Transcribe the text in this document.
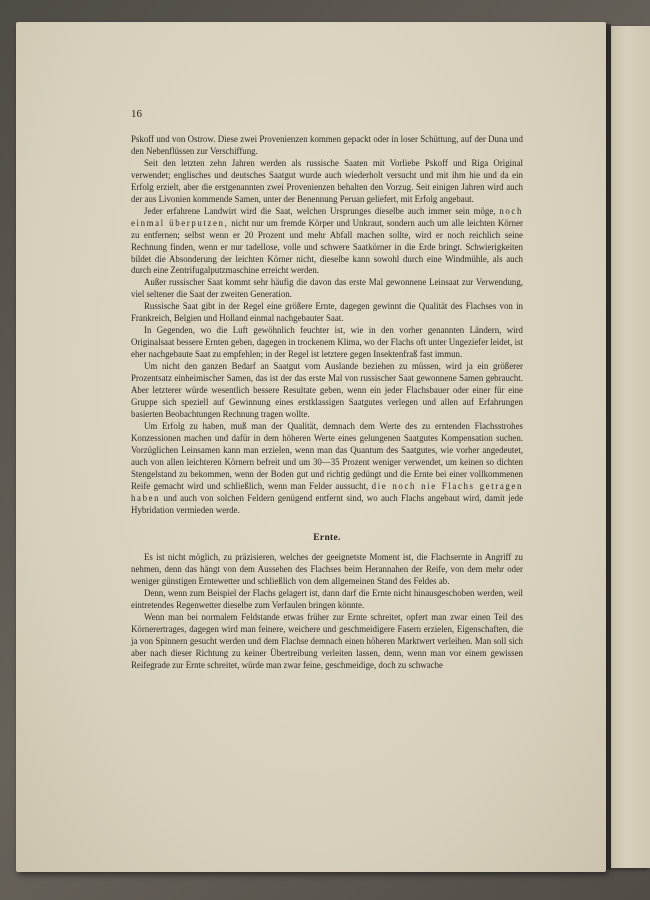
16

Pskoff und von Ostrow. Diese zwei Provenienzen kommen gepackt oder in loser Schüttung, auf der Duna und den Nebenflüssen zur Verschiffung.

Seit den letzten zehn Jahren werden als russische Saaten mit Vorliebe Pskoff und Riga Original verwendet; englisches und deutsches Saatgut wurde auch wiederholt versucht und mit ihm hie und da ein Erfolg erzielt, aber die erstgenannten zwei Provenienzen behalten den Vorzug. Seit einigen Jahren wird auch der aus Livonien kommende Samen, unter der Benennung Peruan geliefert, mit Erfolg angebaut.

Jeder erfahrene Landwirt wird die Saat, welchen Ursprunges dieselbe auch immer sein möge, noch einmal überputzen, nicht nur um fremde Körper und Unkraut, sondern auch um alle leichten Körner zu entfernen; selbst wenn er 20 Prozent und mehr Abfall machen sollte, wird er noch reichlich seine Rechnung finden, wenn er nur tadellose, volle und schwere Saatkörner in die Erde bringt. Schwierigkeiten bildet die Absonderung der leichten Körner nicht, dieselbe kann sowohl durch eine Windmühle, als auch durch eine Zentrifugalputzmaschine erreicht werden.

Außer russischer Saat kommt sehr häufig die davon das erste Mal gewonnene Leinsaat zur Verwendung, viel seltener die Saat der zweiten Generation.

Russische Saat gibt in der Regel eine größere Ernte, dagegen gewinnt die Qualität des Flachses von in Frankreich, Belgien und Holland einmal nachgebauter Saat.

In Gegenden, wo die Luft gewöhnlich feuchter ist, wie in den vorher genannten Ländern, wird Originalsaat bessere Ernten geben, dagegen in trockenem Klima, wo der Flachs oft unter Ungeziefer leidet, ist eher nachgebaute Saat zu empfehlen; in der Regel ist letztere gegen Insektenfraß fast immun.

Um nicht den ganzen Bedarf an Saatgut vom Auslande beziehen zu müssen, wird ja ein größerer Prozentsatz einheimischer Samen, das ist der das erste Mal von russischer Saat gewonnene Samen gebraucht. Aber letzterer würde wesentlich bessere Resultate geben, wenn ein jeder Flachsbauer oder einer für eine Gruppe sich speziell auf Gewinnung eines erstklassigen Saatgutes verlegen und allen auf Erfahrungen basierten Beobachtungen Rechnung tragen wollte.

Um Erfolg zu haben, muß man der Qualität, demnach dem Werte des zu erntenden Flachsstrohes Konzessionen machen und dafür in dem höheren Werte eines gelungenen Saatgutes Kompensation suchen. Vorzüglichen Leinsamen kann man erzielen, wenn man das Quantum des Saatgutes, wie vorher angedeutet, auch von allen leichteren Körnern befreit und um 30—35 Prozent weniger verwendet, um keinen so dichten Stengelstand zu bekommen, wenn der Boden gut und richtig gedüngt und die Ernte bei einer vollkommenen Reife gemacht wird und schließlich, wenn man Felder aussucht, die noch nie Flachs getragen haben und auch von solchen Feldern genügend entfernt sind, wo auch Flachs angebaut wird, damit jede Hybridation vermieden werde.

Ernte.

Es ist nicht möglich, zu präzisieren, welches der geeignetste Moment ist, die Flachsernte in Angriff zu nehmen, denn das hängt von dem Aussehen des Flachses beim Herannahen der Reife, von dem mehr oder weniger günstigen Erntewetter und schließlich von dem allgemeinen Stand des Feldes ab.

Denn, wenn zum Beispiel der Flachs gelagert ist, dann darf die Ernte nicht hinausgeschoben werden, weil eintretendes Regenwetter dieselbe zum Verfaulen bringen könnte.

Wenn man bei normalem Feldstande etwas früher zur Ernte schreitet, opfert man zwar einen Teil des Körnerertrages, dagegen wird man feinere, weichere und geschmeidigere Fasern erzielen, Eigenschaften, die ja von Spinnern gesucht werden und dem Flachse demnach einen höheren Marktwert verleihen. Man soll sich aber nach dieser Richtung zu keiner Übertreibung verleiten lassen, denn, wenn man vor einem gewissen Reifegrade zur Ernte schreitet, würde man zwar feine, geschmeidige, doch zu schwache
